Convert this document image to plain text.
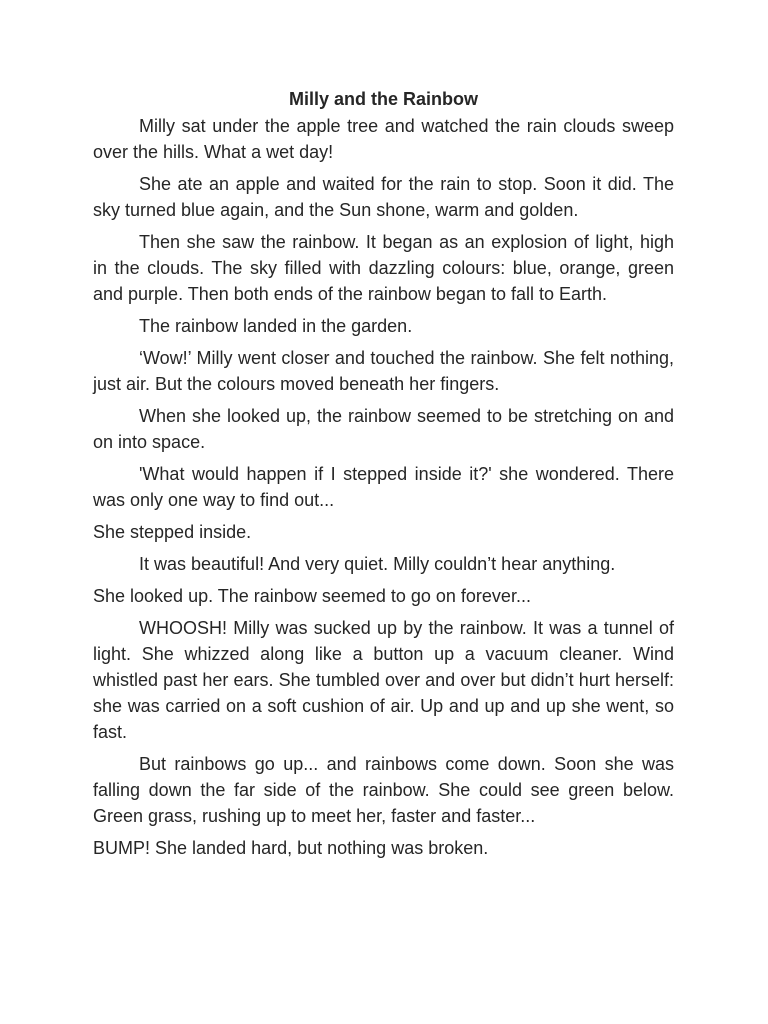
Milly and the Rainbow

Milly sat under the apple tree and watched the rain clouds sweep over the hills. What a wet day!

She ate an apple and waited for the rain to stop. Soon it did. The sky turned blue again, and the Sun shone, warm and golden.

Then she saw the rainbow. It began as an explosion of light, high in the clouds. The sky filled with dazzling colours: blue, orange, green and purple. Then both ends of the rainbow began to fall to Earth.

The rainbow landed in the garden.

‘Wow!’ Milly went closer and touched the rainbow. She felt nothing, just air. But the colours moved beneath her fingers.

When she looked up, the rainbow seemed to be stretching on and on into space.

'What would happen if I stepped inside it?' she wondered. There was only one way to find out...

She stepped inside.

It was beautiful! And very quiet. Milly couldn’t hear anything.

She looked up. The rainbow seemed to go on forever...

WHOOSH! Milly was sucked up by the rainbow. It was a tunnel of light. She whizzed along like a button up a vacuum cleaner. Wind whistled past her ears. She tumbled over and over but didn’t hurt herself: she was carried on a soft cushion of air. Up and up and up she went, so fast.

But rainbows go up... and rainbows come down. Soon she was falling down the far side of the rainbow. She could see green below. Green grass, rushing up to meet her, faster and faster...

BUMP! She landed hard, but nothing was broken.
